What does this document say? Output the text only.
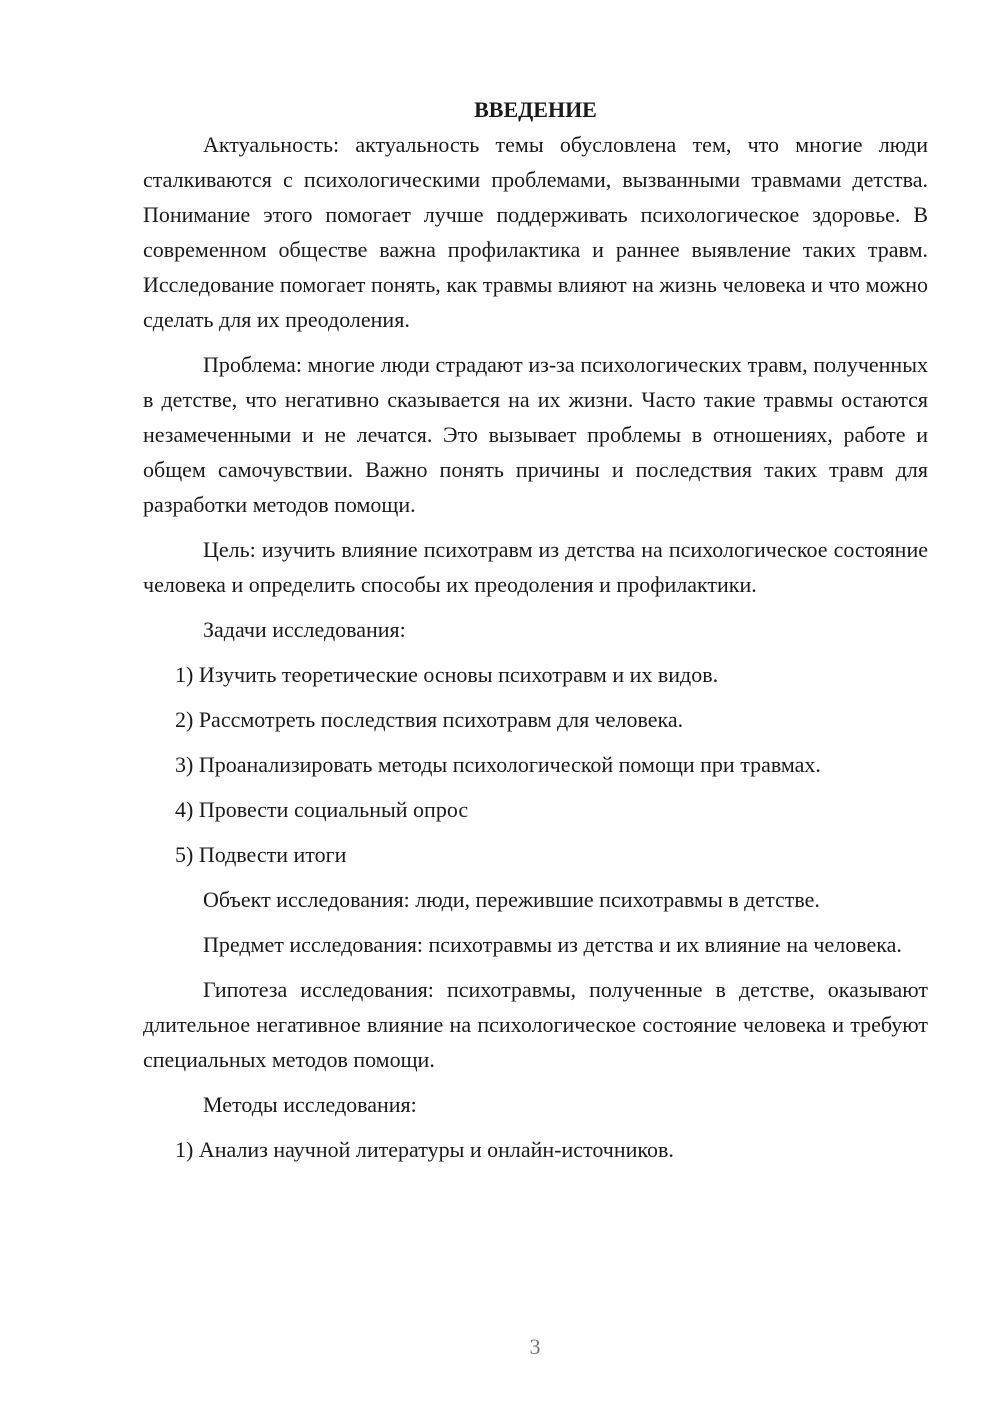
ВВЕДЕНИЕ

Актуальность: актуальность темы обусловлена тем, что многие люди сталкиваются с психологическими проблемами, вызванными травмами детства. Понимание этого помогает лучше поддерживать психологическое здоровье. В современном обществе важна профилактика и раннее выявление таких травм. Исследование помогает понять, как травмы влияют на жизнь человека и что можно сделать для их преодоления.

Проблема: многие люди страдают из-за психологических травм, полученных в детстве, что негативно сказывается на их жизни. Часто такие травмы остаются незамеченными и не лечатся. Это вызывает проблемы в отношениях, работе и общем самочувствии. Важно понять причины и последствия таких травм для разработки методов помощи.

Цель: изучить влияние психотравм из детства на психологическое состояние человека и определить способы их преодоления и профилактики.

Задачи исследования:
1) Изучить теоретические основы психотравм и их видов.
2) Рассмотреть последствия психотравм для человека.
3) Проанализировать методы психологической помощи при травмах.
4) Провести социальный опрос
5) Подвести итоги
Объект исследования: люди, пережившие психотравмы в детстве.

Предмет исследования: психотравмы из детства и их влияние на человека.

Гипотеза исследования: психотравмы, полученные в детстве, оказывают длительное негативное влияние на психологическое состояние человека и требуют специальных методов помощи.

Методы исследования:
1) Анализ научной литературы и онлайн-источников.
3
